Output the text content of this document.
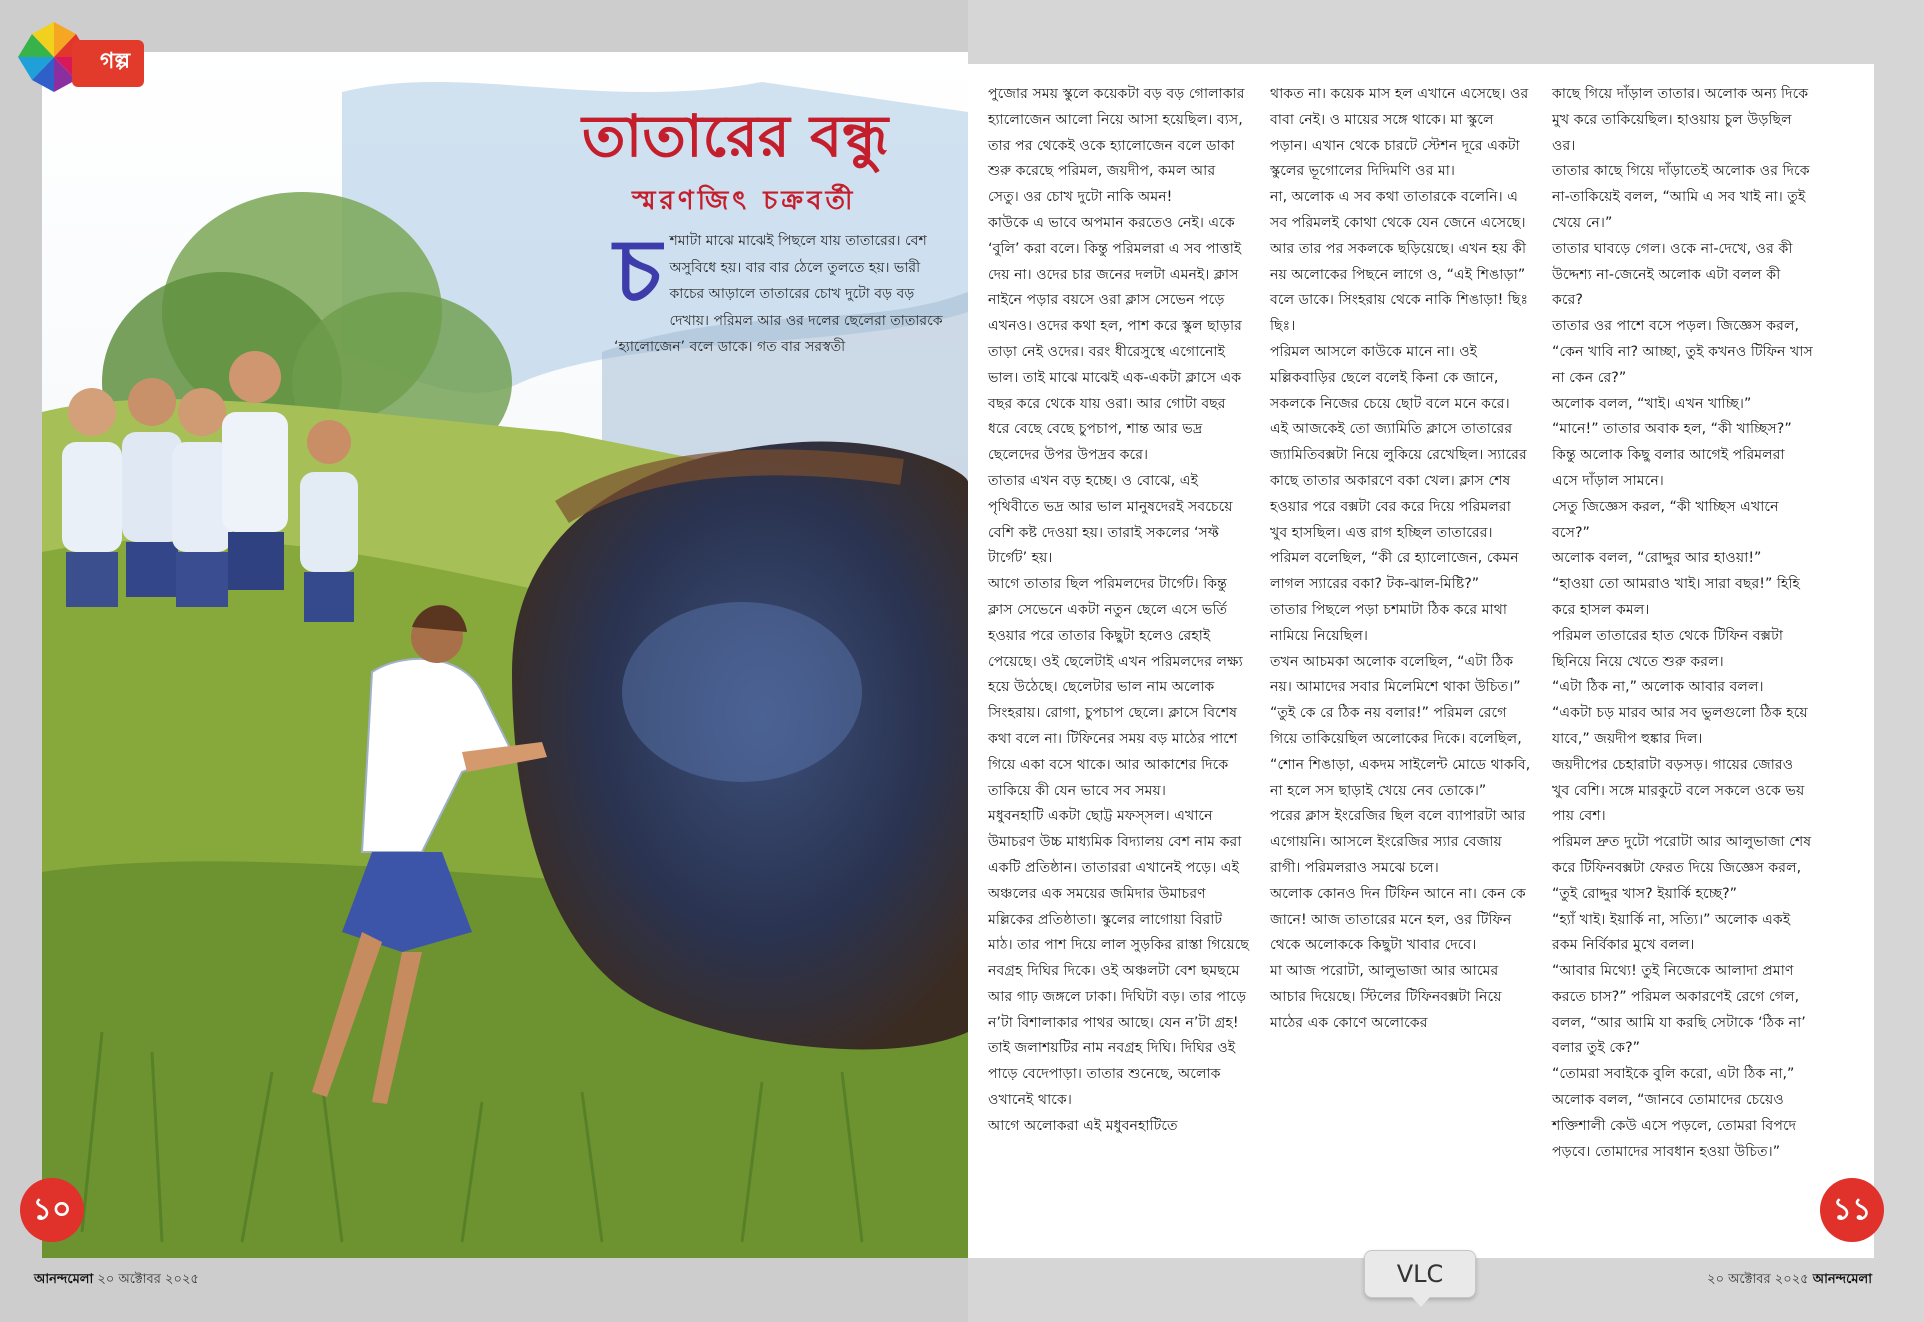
তাতারের বন্ধু
স্মরণজিৎ চক্রবর্তী
চ শমাটা মাঝে মাঝেই পিছলে যায় তাতারের। বেশ অসুবিধে হয়। বার বার ঠেলে তুলতে হয়। ভারী কাচের আড়ালে তাতারের চোখ দুটো বড় বড় দেখায়। পরিমল আর ওর দলের ছেলেরা তাতারকে ‘হ্যালোজেন’ বলে ডাকে। গত বার সরস্বতী

পুজোর সময় স্কুলে কয়েকটা বড় বড় গোলাকার হ্যালোজেন আলো নিয়ে আসা হয়েছিল। ব্যস, তার পর থেকেই ওকে হ্যালোজেন বলে ডাকা শুরু করেছে পরিমল, জয়দীপ, কমল আর সেতু। ওর চোখ দুটো নাকি অমন!

কাউকে এ ভাবে অপমান করতেও নেই। একে ‘বুলি’ করা বলে। কিন্তু পরিমলরা এ সব পাত্তাই দেয় না। ওদের চার জনের দলটা এমনই। ক্লাস নাইনে পড়ার বয়সে ওরা ক্লাস সেভেন পড়ে এখনও। ওদের কথা হল, পাশ করে স্কুল ছাড়ার তাড়া নেই ওদের। বরং ধীরেসুস্থে এগোনোই ভাল। তাই মাঝে মাঝেই এক-একটা ক্লাসে এক বছর করে থেকে যায় ওরা। আর গোটা বছর ধরে বেছে বেছে চুপচাপ, শান্ত আর ভদ্র ছেলেদের উপর উপদ্রব করে।

তাতার এখন বড় হচ্ছে। ও বোঝে, এই পৃথিবীতে ভদ্র আর ভাল মানুষদেরই সবচেয়ে বেশি কষ্ট দেওয়া হয়। তারাই সকলের ‘সফ্ট টার্গেট’ হয়।

আগে তাতার ছিল পরিমলদের টার্গেট। কিন্তু ক্লাস সেভেনে একটা নতুন ছেলে এসে ভর্তি হওয়ার পরে তাতার কিছুটা হলেও রেহাই পেয়েছে। ওই ছেলেটাই এখন পরিমলদের লক্ষ্য হয়ে উঠেছে। ছেলেটার ভাল নাম অলোক সিংহরায়। রোগা, চুপচাপ ছেলে। ক্লাসে বিশেষ কথা বলে না। টিফিনের সময় বড় মাঠের পাশে গিয়ে একা বসে থাকে। আর আকাশের দিকে তাকিয়ে কী যেন ভাবে সব সময়।

মধুবনহাটি একটা ছোট্ট মফস্সল। এখানে উমাচরণ উচ্চ মাধ্যমিক বিদ্যালয় বেশ নাম করা একটি প্রতিষ্ঠান। তাতাররা এখানেই পড়ে। এই অঞ্চলের এক সময়ের জমিদার উমাচরণ মল্লিকের প্রতিষ্ঠাতা। স্কুলের লাগোয়া বিরাট মাঠ। তার পাশ দিয়ে লাল সুড়কির রাস্তা গিয়েছে নবগ্রহ দিঘির দিকে। ওই অঞ্চলটা বেশ ছমছমে আর গাঢ় জঙ্গলে ঢাকা। দিঘিটা বড়। তার পাড়ে ন’টা বিশালাকার পাথর আছে। যেন ন’টা গ্রহ! তাই জলাশয়টির নাম নবগ্রহ দিঘি। দিঘির ওই পাড়ে বেদেপাড়া। তাতার শুনেছে, অলোক ওখানেই থাকে।

আগে অলোকরা এই মধুবনহাটিতে

থাকত না। কয়েক মাস হল এখানে এসেছে। ওর বাবা নেই। ও মায়ের সঙ্গে থাকে। মা স্কুলে পড়ান। এখান থেকে চারটে স্টেশন দূরে একটা স্কুলের ভূগোলের দিদিমণি ওর মা।

না, অলোক এ সব কথা তাতারকে বলেনি। এ সব পরিমলই কোথা থেকে যেন জেনে এসেছে। আর তার পর সকলকে ছড়িয়েছে। এখন হয় কী নয় অলোকের পিছনে লাগে ও, “এই শিঙাড়া” বলে ডাকে। সিংহরায় থেকে নাকি শিঙাড়া! ছিঃ ছিঃ।

পরিমল আসলে কাউকে মানে না। ওই মল্লিকবাড়ির ছেলে বলেই কিনা কে জানে, সকলকে নিজের চেয়ে ছোট বলে মনে করে।

এই আজকেই তো জ্যামিতি ক্লাসে তাতারের জ্যামিতিবক্সটা নিয়ে লুকিয়ে রেখেছিল। স্যারের কাছে তাতার অকারণে বকা খেল। ক্লাস শেষ হওয়ার পরে বক্সটা বের করে দিয়ে পরিমলরা খুব হাসছিল। এত্ত রাগ হচ্ছিল তাতারের।

পরিমল বলেছিল, “কী রে হ্যালোজেন, কেমন লাগল স্যারের বকা? টক-ঝাল-মিষ্টি?”

তাতার পিছলে পড়া চশমাটা ঠিক করে মাথা নামিয়ে নিয়েছিল।

তখন আচমকা অলোক বলেছিল, “এটা ঠিক নয়। আমাদের সবার মিলেমিশে থাকা উচিত।”

“তুই কে রে ঠিক নয় বলার!” পরিমল রেগে গিয়ে তাকিয়েছিল অলোকের দিকে। বলেছিল, “শোন শিঙাড়া, একদম সাইলেন্ট মোডে থাকবি, না হলে সস ছাড়াই খেয়ে নেব তোকে।”

পরের ক্লাস ইংরেজির ছিল বলে ব্যাপারটা আর এগোয়নি। আসলে ইংরেজির স্যার বেজায় রাগী। পরিমলরাও সমঝে চলে।

অলোক কোনও দিন টিফিন আনে না। কেন কে জানে! আজ তাতারের মনে হল, ওর টিফিন থেকে অলোককে কিছুটা খাবার দেবে।

মা আজ পরোটা, আলুভাজা আর আমের আচার দিয়েছে। স্টিলের টিফিনবক্সটা নিয়ে মাঠের এক কোণে অলোকের

কাছে গিয়ে দাঁড়াল তাতার। অলোক অন্য দিকে মুখ করে তাকিয়েছিল। হাওয়ায় চুল উড়ছিল ওর।

তাতার কাছে গিয়ে দাঁড়াতেই অলোক ওর দিকে না-তাকিয়েই বলল, “আমি এ সব খাই না। তুই খেয়ে নে।”

তাতার ঘাবড়ে গেল। ওকে না-দেখে, ওর কী উদ্দেশ্য না-জেনেই অলোক এটা বলল কী করে?

তাতার ওর পাশে বসে পড়ল। জিজ্ঞেস করল, “কেন খাবি না? আচ্ছা, তুই কখনও টিফিন খাস না কেন রে?”

অলোক বলল, “খাই। এখন খাচ্ছি।”

“মানে!” তাতার অবাক হল, “কী খাচ্ছিস?”

কিন্তু অলোক কিছু বলার আগেই পরিমলরা এসে দাঁড়াল সামনে।

সেতু জিজ্ঞেস করল, “কী খাচ্ছিস এখানে বসে?”

অলোক বলল, “রোদ্দুর আর হাওয়া!”

“হাওয়া তো আমরাও খাই। সারা বছর!” হিহি করে হাসল কমল।

পরিমল তাতারের হাত থেকে টিফিন বক্সটা ছিনিয়ে নিয়ে খেতে শুরু করল।

“এটা ঠিক না,” অলোক আবার বলল।

“একটা চড় মারব আর সব ভুলগুলো ঠিক হয়ে যাবে,” জয়দীপ হুঙ্কার দিল।

জয়দীপের চেহারাটা বড়সড়। গায়ের জোরও খুব বেশি। সঙ্গে মারকুটে বলে সকলে ওকে ভয় পায় বেশ।

পরিমল দ্রুত দুটো পরোটা আর আলুভাজা শেষ করে টিফিনবক্সটা ফেরত দিয়ে জিজ্ঞেস করল, “তুই রোদ্দুর খাস? ইয়ার্কি হচ্ছে?”

“হ্যাঁ খাই। ইয়ার্কি না, সত্যি।” অলোক একই রকম নির্বিকার মুখে বলল।

“আবার মিথ্যে! তুই নিজেকে আলাদা প্রমাণ করতে চাস?” পরিমল অকারণেই রেগে গেল, বলল, “আর আমি যা করছি সেটাকে ‘ঠিক না’ বলার তুই কে?”

“তোমরা সবাইকে বুলি করো, এটা ঠিক না,” অলোক বলল, “জানবে তোমাদের চেয়েও শক্তিশালী কেউ এসে পড়লে, তোমরা বিপদে পড়বে। তোমাদের সাবধান হওয়া উচিত।”

গল্প
১০	১১
আনন্দমেলা ২০ অক্টোবর ২০২৫	২০ অক্টোবর ২০২৫ আনন্দমেলা
VLC
